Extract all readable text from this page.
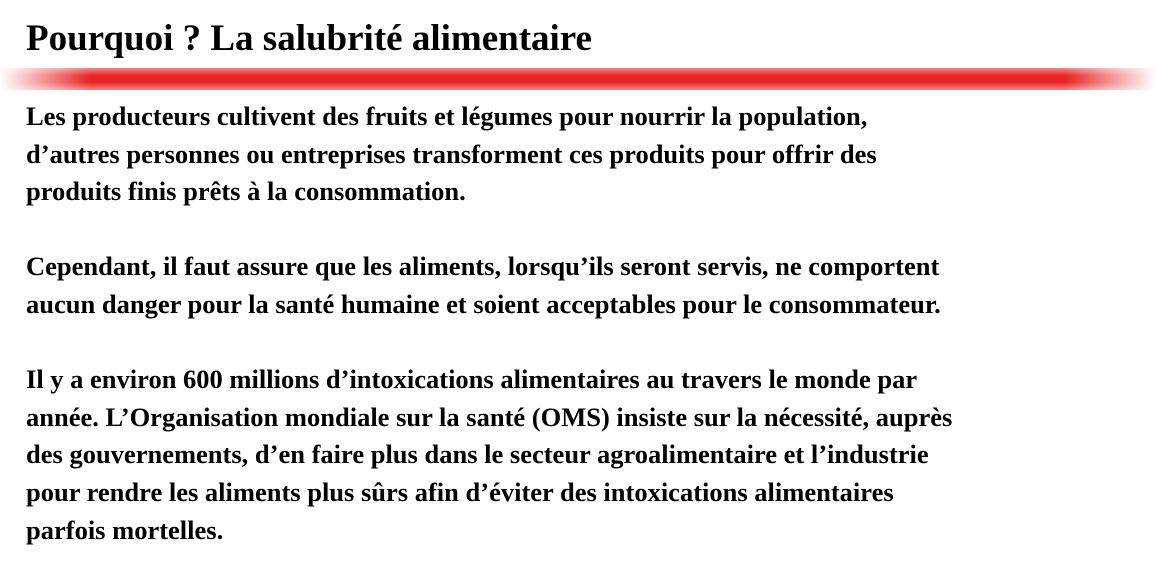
Pourquoi ? La salubrité alimentaire

Les producteurs cultivent des fruits et légumes pour nourrir la population,
d’autres personnes ou entreprises transforment ces produits pour offrir des
produits finis prêts à la consommation.

Cependant, il faut assure que les aliments, lorsqu’ils seront servis, ne comportent
aucun danger pour la santé humaine et soient acceptables pour le consommateur.

Il y a environ 600 millions d’intoxications alimentaires au travers le monde par
année. L’Organisation mondiale sur la santé (OMS) insiste sur la nécessité, auprès
des gouvernements, d’en faire plus dans le secteur agroalimentaire et l’industrie
pour rendre les aliments plus sûrs afin d’éviter des intoxications alimentaires
parfois mortelles.
